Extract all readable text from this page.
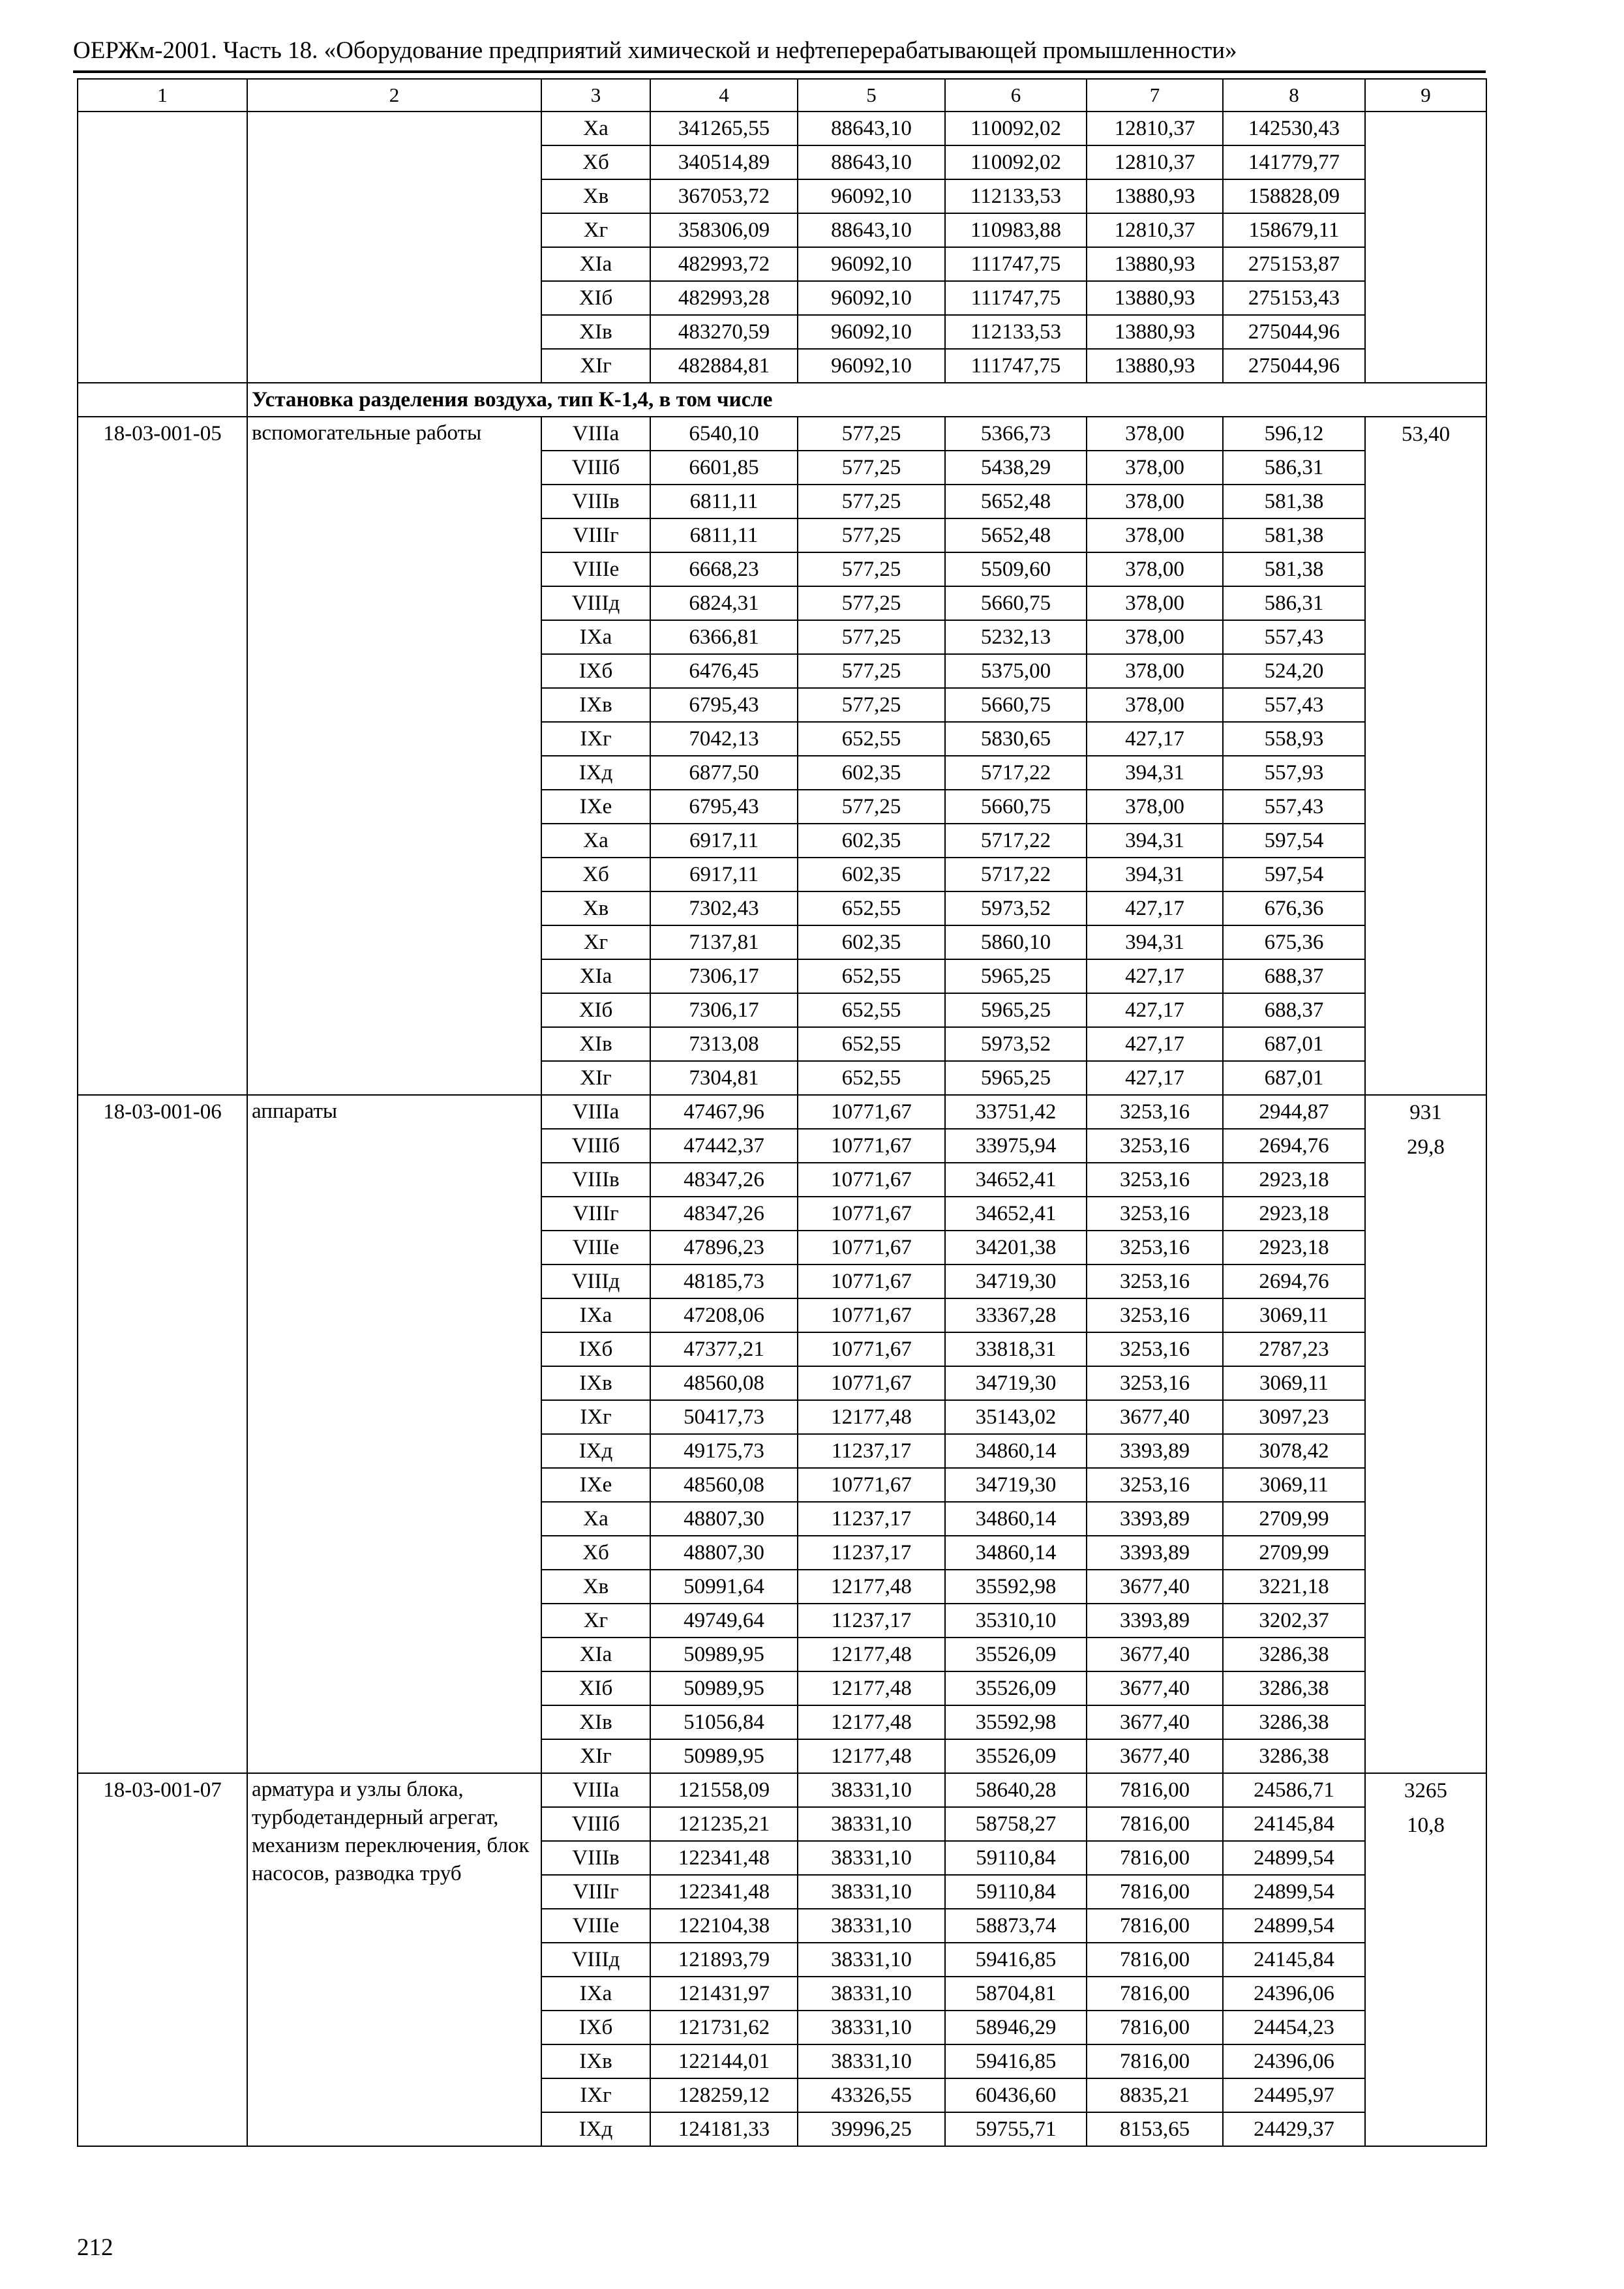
ОЕРЖм-2001. Часть 18. «Оборудование предприятий химической и нефтеперерабатывающей промышленности»
1	2	3	4	5	6	7	8	9
		Xa	341265,55	88643,10	110092,02	12810,37	142530,43	
		Xб	340514,89	88643,10	110092,02	12810,37	141779,77	
		Xв	367053,72	96092,10	112133,53	13880,93	158828,09	
		Xг	358306,09	88643,10	110983,88	12810,37	158679,11	
		XIa	482993,72	96092,10	111747,75	13880,93	275153,87	
		XIб	482993,28	96092,10	111747,75	13880,93	275153,43	
		XIв	483270,59	96092,10	112133,53	13880,93	275044,96	
		XIг	482884,81	96092,10	111747,75	13880,93	275044,96	
	Установка разделения воздуха, тип К-1,4, в том числе							
18-03-001-05	вспомогательные работы	VIIIa	6540,10	577,25	5366,73	378,00	596,12	53,40

		VIIIб	6601,85	577,25	5438,29	378,00	586,31	
		VIIIв	6811,11	577,25	5652,48	378,00	581,38	
		VIIIг	6811,11	577,25	5652,48	378,00	581,38	
		VIIIe	6668,23	577,25	5509,60	378,00	581,38	
		VIIIд	6824,31	577,25	5660,75	378,00	586,31	
		IXa	6366,81	577,25	5232,13	378,00	557,43	
		IXб	6476,45	577,25	5375,00	378,00	524,20	
		IXв	6795,43	577,25	5660,75	378,00	557,43	
		IXг	7042,13	652,55	5830,65	427,17	558,93	
		IXд	6877,50	602,35	5717,22	394,31	557,93	
		IXe	6795,43	577,25	5660,75	378,00	557,43	
		Xa	6917,11	602,35	5717,22	394,31	597,54	
		Xб	6917,11	602,35	5717,22	394,31	597,54	
		Xв	7302,43	652,55	5973,52	427,17	676,36	
		Xг	7137,81	602,35	5860,10	394,31	675,36	
		XIa	7306,17	652,55	5965,25	427,17	688,37	
		XIб	7306,17	652,55	5965,25	427,17	688,37	
		XIв	7313,08	652,55	5973,52	427,17	687,01	
		XIг	7304,81	652,55	5965,25	427,17	687,01	
18-03-001-06	аппараты	VIIIa	47467,96	10771,67	33751,42	3253,16	2944,87	931
29,8

		VIIIб	47442,37	10771,67	33975,94	3253,16	2694,76	
		VIIIв	48347,26	10771,67	34652,41	3253,16	2923,18	
		VIIIг	48347,26	10771,67	34652,41	3253,16	2923,18	
		VIIIe	47896,23	10771,67	34201,38	3253,16	2923,18	
		VIIIд	48185,73	10771,67	34719,30	3253,16	2694,76	
		IXa	47208,06	10771,67	33367,28	3253,16	3069,11	
		IXб	47377,21	10771,67	33818,31	3253,16	2787,23	
		IXв	48560,08	10771,67	34719,30	3253,16	3069,11	
		IXг	50417,73	12177,48	35143,02	3677,40	3097,23	
		IXд	49175,73	11237,17	34860,14	3393,89	3078,42	
		IXe	48560,08	10771,67	34719,30	3253,16	3069,11	
		Xa	48807,30	11237,17	34860,14	3393,89	2709,99	
		Xб	48807,30	11237,17	34860,14	3393,89	2709,99	
		Xв	50991,64	12177,48	35592,98	3677,40	3221,18	
		Xг	49749,64	11237,17	35310,10	3393,89	3202,37	
		XIa	50989,95	12177,48	35526,09	3677,40	3286,38	
		XIб	50989,95	12177,48	35526,09	3677,40	3286,38	
		XIв	51056,84	12177,48	35592,98	3677,40	3286,38	
		XIг	50989,95	12177,48	35526,09	3677,40	3286,38	
18-03-001-07	арматура и узлы блока, турбодетандерный агрегат, механизм переключения, блок насосов, разводка труб	VIIIa	121558,09	38331,10	58640,28	7816,00	24586,71	3265
10,8

		VIIIб	121235,21	38331,10	58758,27	7816,00	24145,84	
		VIIIв	122341,48	38331,10	59110,84	7816,00	24899,54	
		VIIIг	122341,48	38331,10	59110,84	7816,00	24899,54	
		VIIIe	122104,38	38331,10	58873,74	7816,00	24899,54	
		VIIIд	121893,79	38331,10	59416,85	7816,00	24145,84	
		IXa	121431,97	38331,10	58704,81	7816,00	24396,06	
		IXб	121731,62	38331,10	58946,29	7816,00	24454,23	
		IXв	122144,01	38331,10	59416,85	7816,00	24396,06	
		IXг	128259,12	43326,55	60436,60	8835,21	24495,97	
		IXд	124181,33	39996,25	59755,71	8153,65	24429,37	
212
